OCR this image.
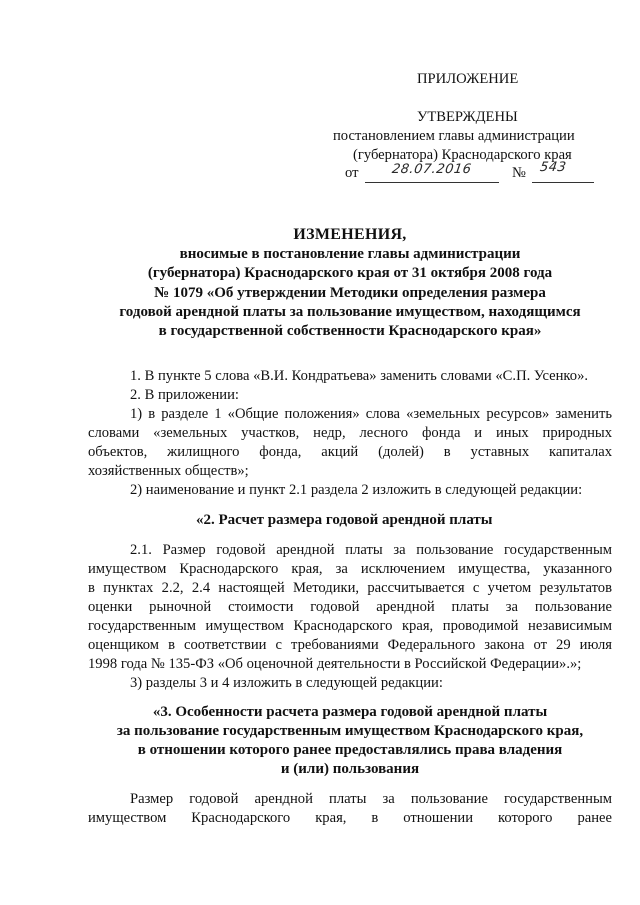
ПРИЛОЖЕНИЕ
УТВЕРЖДЕНЫ
постановлением главы администрации
(губернатора) Краснодарского края
от 28.07.2016	№ 543
ИЗМЕНЕНИЯ,
вносимые в постановление главы администрации
(губернатора) Краснодарского края от 31 октября 2008 года
№ 1079 «Об утверждении Методики определения размера
годовой арендной платы за пользование имуществом, находящимся
в государственной собственности Краснодарского края»
1. В пункте 5 слова «В.И. Кондратьева» заменить словами «С.П. Усенко».
2. В приложении:
1) в разделе 1 «Общие положения» слова «земельных ресурсов» заменить
словами «земельных участков, недр, лесного фонда и иных природных
объектов, жилищного фонда, акций (долей) в уставных капиталах
хозяйственных обществ»;
2) наименование и пункт 2.1 раздела 2 изложить в следующей редакции:
«2. Расчет размера годовой арендной платы
2.1. Размер годовой арендной платы за пользование государственным
имуществом Краснодарского края, за исключением имущества, указанного
в пунктах 2.2, 2.4 настоящей Методики, рассчитывается с учетом результатов
оценки рыночной стоимости годовой арендной платы за пользование
государственным имуществом Краснодарского края, проводимой независимым
оценщиком в соответствии с требованиями Федерального закона от 29 июля
1998 года № 135-ФЗ «Об оценочной деятельности в Российской Федерации».»;
3) разделы 3 и 4 изложить в следующей редакции:
«3. Особенности расчета размера годовой арендной платы
за пользование государственным имуществом Краснодарского края,
в отношении которого ранее предоставлялись права владения
и (или) пользования
Размер годовой арендной платы за пользование государственным
имуществом Краснодарского края, в отношении которого ранее
